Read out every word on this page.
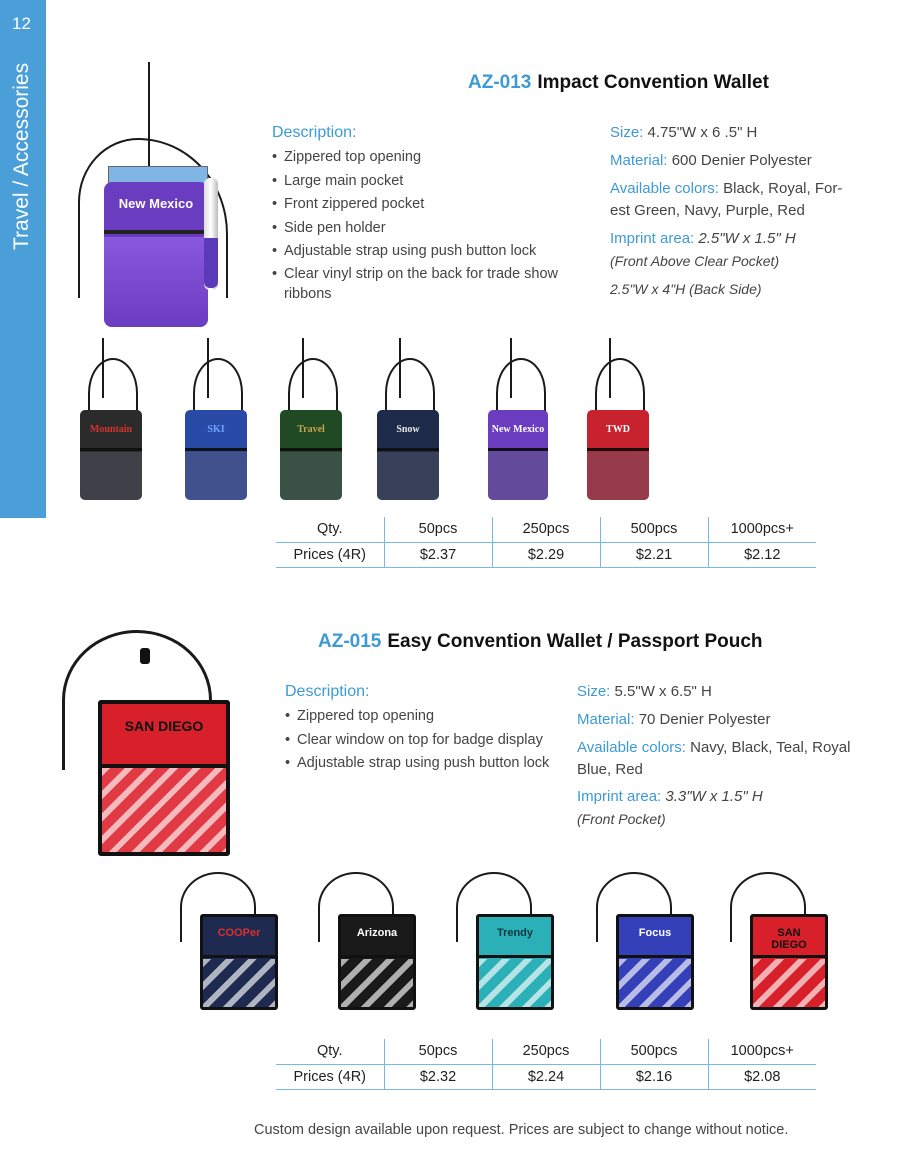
12
Travel / Accessories	AZ-013 Impact Convention Wallet
New Mexico
Description:
• Zippered top opening
• Large main pocket
• Front zippered pocket
• Side pen holder
• Adjustable strap using push button lock
• Clear vinyl strip on the back for trade show ribbons
Size: 4.75"W x 6 .5" H
Material: 600 Denier Polyester
Available colors: Black, Royal, For-est Green, Navy, Purple, Red
Imprint area: 2.5"W x 1.5" H
(Front Above Clear Pocket)
2.5"W x 4"H (Back Side)
Mountain	SKI	Travel	Snow	New Mexico	TWD
Qty.	50pcs	250pcs	500pcs	1000pcs+
Prices (4R)	$2.37	$2.29	$2.21	$2.12
AZ-015 Easy Convention Wallet / Passport Pouch
SAN DIEGO
Description:
• Zippered top opening
• Clear window on top for badge display
• Adjustable strap using push button lock
Size: 5.5"W x 6.5" H
Material: 70 Denier Polyester
Available colors: Navy, Black, Teal, Royal Blue, Red
Imprint area: 3.3"W x 1.5" H
(Front Pocket)
COOPer	Arizona	Trendy	Focus	SAN DIEGO
Qty.	50pcs	250pcs	500pcs	1000pcs+
Prices (4R)	$2.32	$2.24	$2.16	$2.08
Custom design available upon request. Prices are subject to change without notice.
